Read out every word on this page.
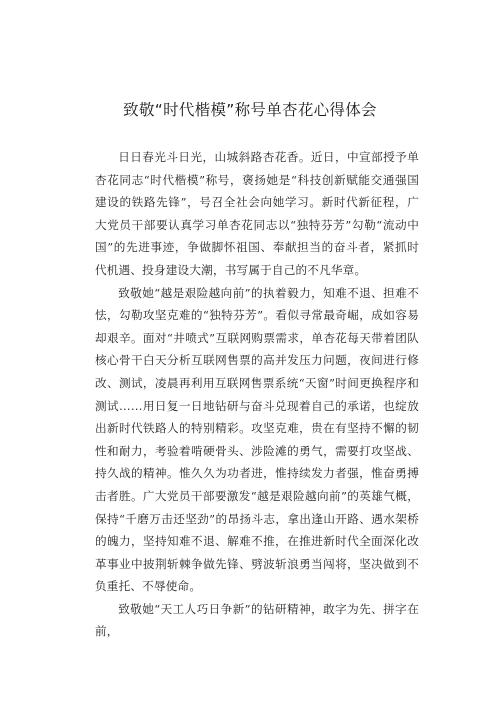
致敬“时代楷模”称号单杏花心得体会

日日春光斗日光，山城斜路杏花香。近日，中宣部授予单杏花同志“时代楷模”称号，褒扬她是“科技创新赋能交通强国建设的铁路先锋”，号召全社会向她学习。新时代新征程，广大党员干部要认真学习单杏花同志以“独特芬芳”勾勒“流动中国”的先进事迹，争做脚怀祖国、奉献担当的奋斗者，紧抓时代机遇、投身建设大潮，书写属于自己的不凡华章。

致敬她“越是艰险越向前”的执着毅力，知难不退、担难不怯，勾勒攻坚克难的“独特芬芳”。看似寻常最奇崛，成如容易却艰辛。面对“井喷式”互联网购票需求，单杏花每天带着团队核心骨干白天分析互联网售票的高并发压力问题，夜间进行修改、测试，凌晨再利用互联网售票系统“天窗”时间更换程序和测试……用日复一日地钻研与奋斗兑现着自己的承诺，也绽放出新时代铁路人的特别精彩。攻坚克难，贵在有坚持不懈的韧性和耐力，考验着啃硬骨头、涉险滩的勇气，需要打攻坚战、持久战的精神。惟久久为功者进，惟持续发力者强，惟奋勇搏击者胜。广大党员干部要激发“越是艰险越向前”的英雄气概，保持“千磨万击还坚劲”的昂扬斗志，拿出逢山开路、遇水架桥的魄力，坚持知难不退、解难不推，在推进新时代全面深化改革事业中披荆斩棘争做先锋、劈波斩浪勇当闯将，坚决做到不负重托、不辱使命。

致敬她“天工人巧日争新”的钻研精神，敢字为先、拼字在前，
